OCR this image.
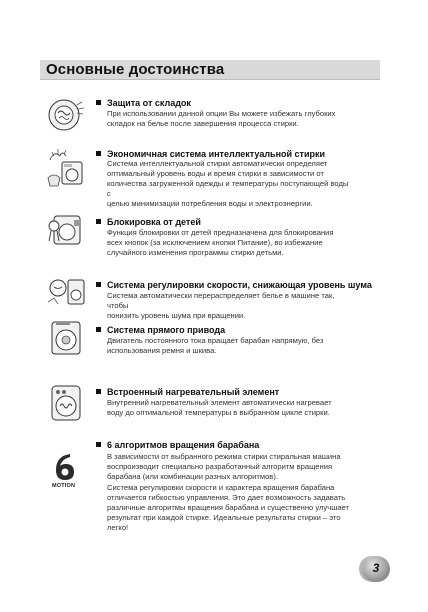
Основные достоинства
Защита от складок
При использовании данной опции Вы можете избежать глубоких
складок на белье после завершения процесса стирки.
Экономичная система интеллектуальной стирки
Система интеллектуальной стирки автоматически определяет
оптимальный уровень воды и время стирки в зависимости от
количества загруженной одежды и температуры поступающей воды с
целью минимизации потребления воды и электроэнергии.
Блокировка от детей
Функция блокировки от детей предназначена для блокирования
всех кнопок (за исключением кнопки Питание), во избежание
случайного изменения программы стирки детьми.
Система регулировки скорости, снижающая уровень шума
Система автоматически перераспределяет белье в машине так, чтобы
понизить уровень шума при вращении.
Система прямого привода
Двигатель постоянного тока вращает барабан напрямую, без
использования ремня и шкива.
Встроенный нагревательный элемент
Внутренний нагревательный элемент автоматически нагревает
воду до оптимальной температуры в выбранном цикле стирки.
MOTION
6 алгоритмов вращения барабана
В зависимости от выбранного режима стирки стиральная машина
воспроизводит специально разработанный алгоритм вращения
барабана (или комбинации разных алгоритмов).
Система регулировки скорости и характера вращения барабана
отличается гибкостью управления. Это дает возможность задавать
различные алгоритмы вращения барабана и существенно улучшает
результат при каждой стирке. Идеальные результаты стирки – это
легко!
3
